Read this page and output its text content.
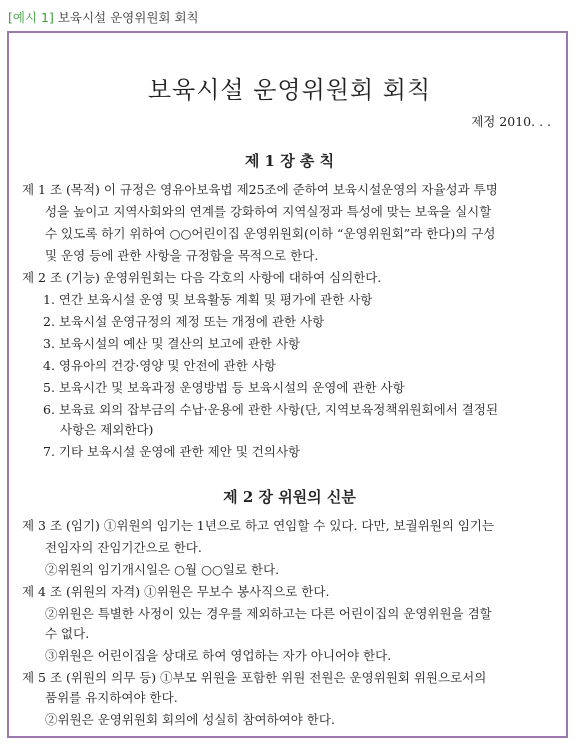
[예시 1] 보육시설 운영위원회 회칙
보육시설 운영위원회 회칙
제정 2010. . .
제 1 장 총 칙
제 1 조 (목적) 이 규정은 영유아보육법 제25조에 준하여 보육시설운영의 자율성과 투명
성을 높이고 지역사회와의 연계를 강화하여 지역실정과 특성에 맞는 보육을 실시할
수 있도록 하기 위하여 ○○어린이집 운영위원회(이하 “운영위원회”라 한다)의 구성
및 운영 등에 관한 사항을 규정함을 목적으로 한다.
제 2 조 (기능) 운영위원회는 다음 각호의 사항에 대하여 심의한다.
1. 연간 보육시설 운영 및 보육활동 계획 및 평가에 관한 사항
2. 보육시설 운영규정의 제정 또는 개정에 관한 사항
3. 보육시설의 예산 및 결산의 보고에 관한 사항
4. 영유아의 건강·영양 및 안전에 관한 사항
5. 보육시간 및 보육과정 운영방법 등 보육시설의 운영에 관한 사항
6. 보육료 외의 잡부금의 수납·운용에 관한 사항(단, 지역보육정책위원회에서 결정된
사항은 제외한다)
7. 기타 보육시설 운영에 관한 제안 및 건의사항
제 2 장 위원의 신분
제 3 조 (임기) ①위원의 임기는 1년으로 하고 연임할 수 있다. 다만, 보궐위원의 임기는
전임자의 잔임기간으로 한다.
②위원의 임기개시일은 ○월 ○○일로 한다.
제 4 조 (위원의 자격) ①위원은 무보수 봉사직으로 한다.
②위원은 특별한 사정이 있는 경우를 제외하고는 다른 어린이집의 운영위원을 겸할
수 없다.
③위원은 어린이집을 상대로 하여 영업하는 자가 아니어야 한다.
제 5 조 (위원의 의무 등) ①부모 위원을 포함한 위원 전원은 운영위원회 위원으로서의
품위를 유지하여야 한다.
②위원은 운영위원회 회의에 성실히 참여하여야 한다.
